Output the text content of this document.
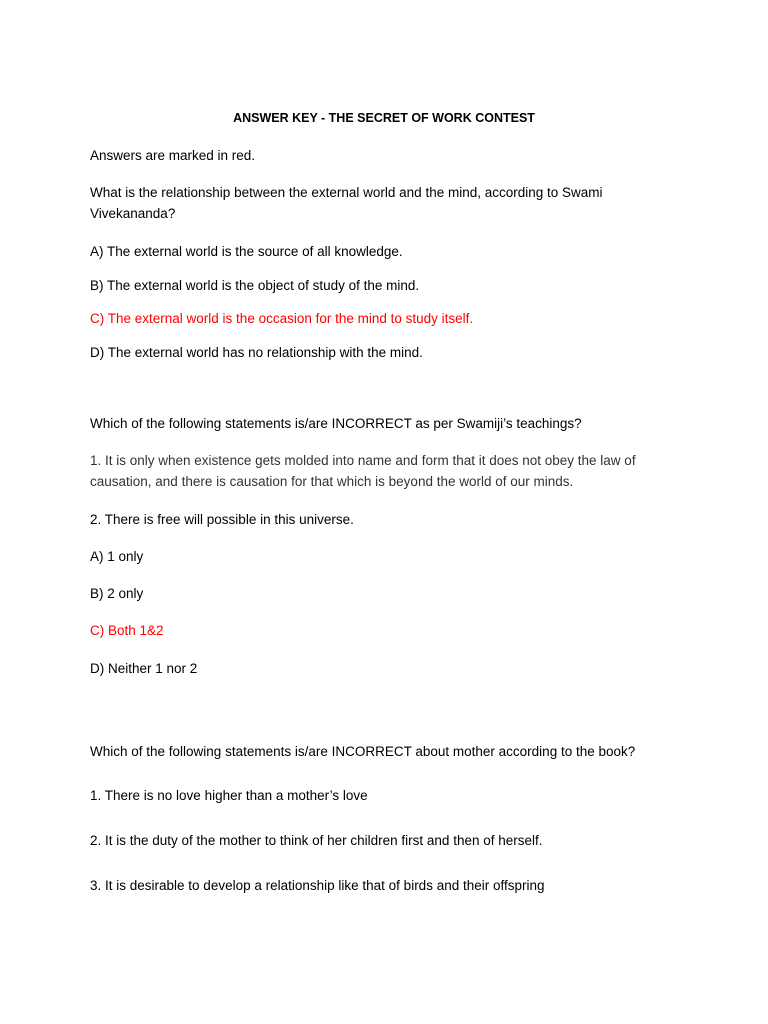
ANSWER KEY - THE SECRET OF WORK CONTEST
Answers are marked in red.
What is the relationship between the external world and the mind, according to Swami Vivekananda?
A) The external world is the source of all knowledge.
B) The external world is the object of study of the mind.
C) The external world is the occasion for the mind to study itself.
D) The external world has no relationship with the mind.
Which of the following statements is/are INCORRECT as per Swamiji’s teachings?
1. It is only when existence gets molded into name and form that it does not obey the law of causation, and there is causation for that which is beyond the world of our minds.
2. There is free will possible in this universe.
A) 1 only
B) 2 only
C) Both 1&2
D) Neither 1 nor 2
Which of the following statements is/are INCORRECT about mother according to the book?
1. There is no love higher than a mother’s love
2. It is the duty of the mother to think of her children first and then of herself.
3. It is desirable to develop a relationship like that of birds and their offspring
